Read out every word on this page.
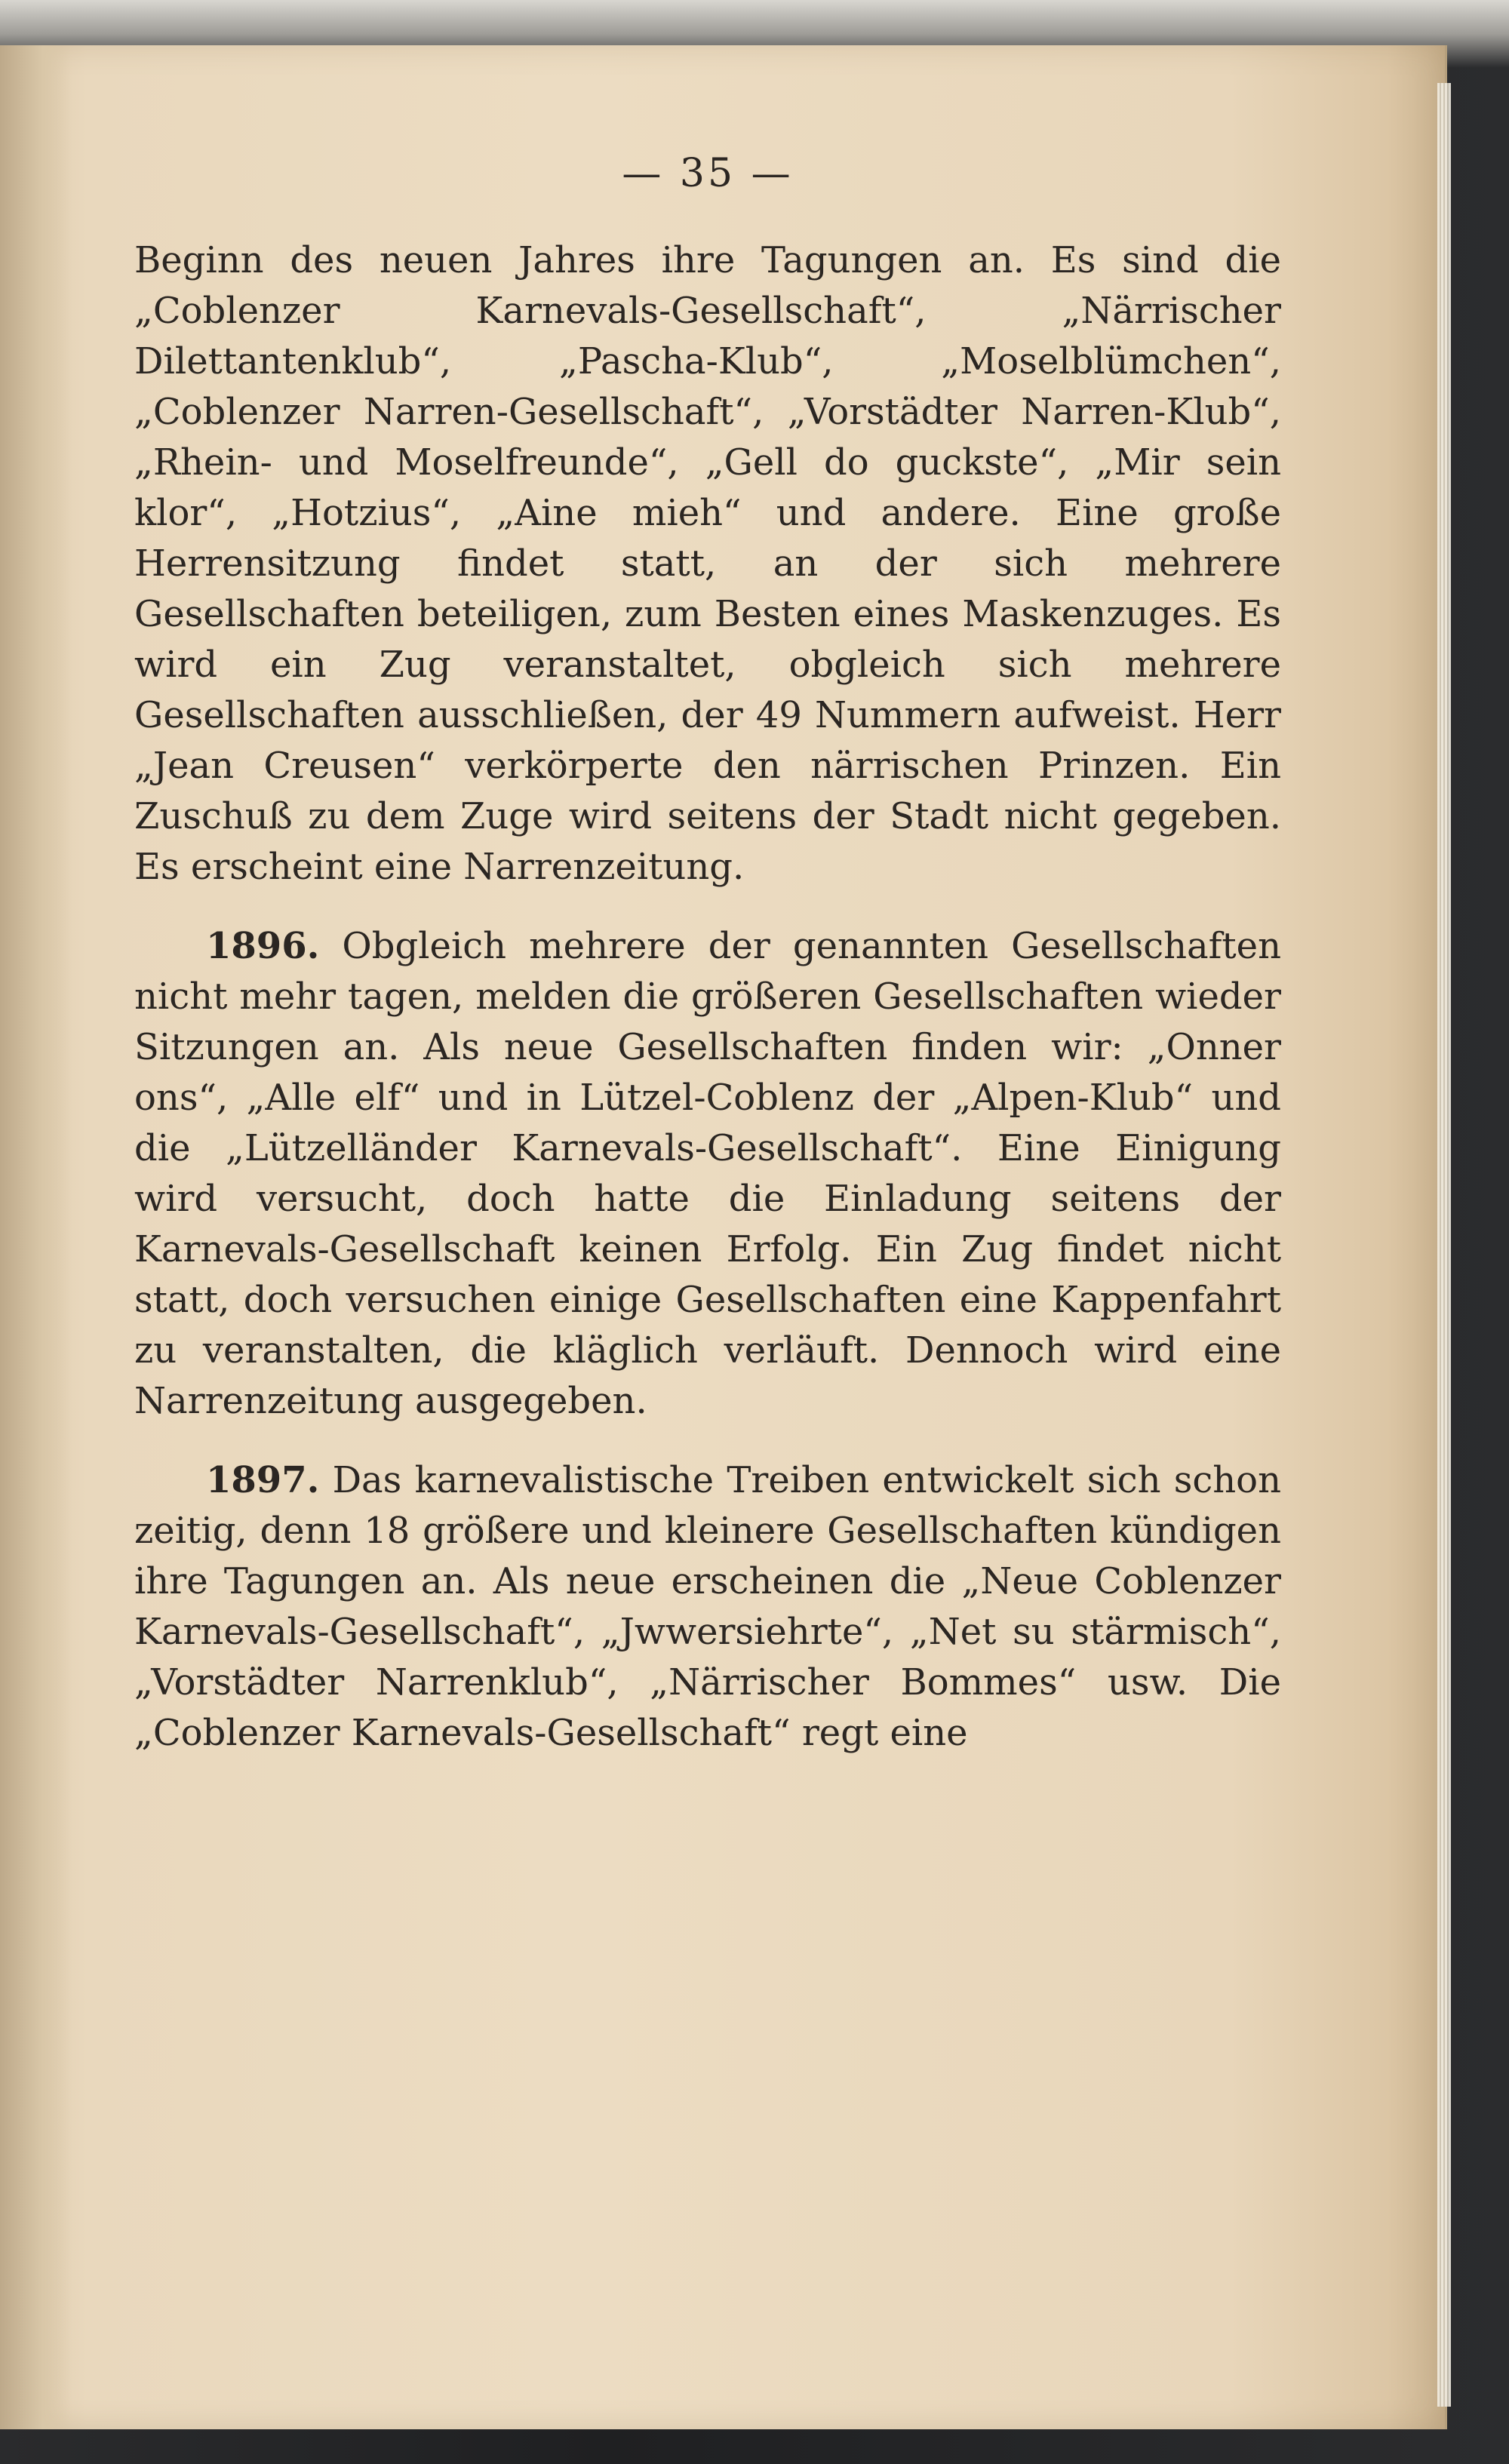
— 35 —

Beginn des neuen Jahres ihre Tagungen an. Es sind die „Coblenzer Karnevals-Gesellschaft“, „Närrischer Dilettantenklub“, „Pascha-Klub“, „Moselblümchen“, „Coblenzer Narren-Gesellschaft“, „Vorstädter Narren-Klub“, „Rhein- und Moselfreunde“, „Gell do guckste“, „Mir sein klor“, „Hotzius“, „Aine mieh“ und andere. Eine große Herrensitzung findet statt, an der sich mehrere Gesellschaften beteiligen, zum Besten eines Maskenzuges. Es wird ein Zug veranstaltet, obgleich sich mehrere Gesellschaften ausschließen, der 49 Nummern aufweist. Herr „Jean Creusen“ verkörperte den närrischen Prinzen. Ein Zuschuß zu dem Zuge wird seitens der Stadt nicht gegeben. Es erscheint eine Narrenzeitung.

1896. Obgleich mehrere der genannten Gesellschaften nicht mehr tagen, melden die größeren Gesellschaften wieder Sitzungen an. Als neue Gesellschaften finden wir: „Onner ons“, „Alle elf“ und in Lützel-Coblenz der „Alpen-Klub“ und die „Lützelländer Karnevals-Gesellschaft“. Eine Einigung wird versucht, doch hatte die Einladung seitens der Karnevals-Gesellschaft keinen Erfolg. Ein Zug findet nicht statt, doch versuchen einige Gesellschaften eine Kappenfahrt zu veranstalten, die kläglich verläuft. Dennoch wird eine Narrenzeitung ausgegeben.

1897. Das karnevalistische Treiben entwickelt sich schon zeitig, denn 18 größere und kleinere Gesellschaften kündigen ihre Tagungen an. Als neue erscheinen die „Neue Coblenzer Karnevals-Gesellschaft“, „Jwwersiehrte“, „Net su stärmisch“, „Vorstädter Narrenklub“, „Närrischer Bommes“ usw. Die „Coblenzer Karnevals-Gesellschaft“ regt eine
